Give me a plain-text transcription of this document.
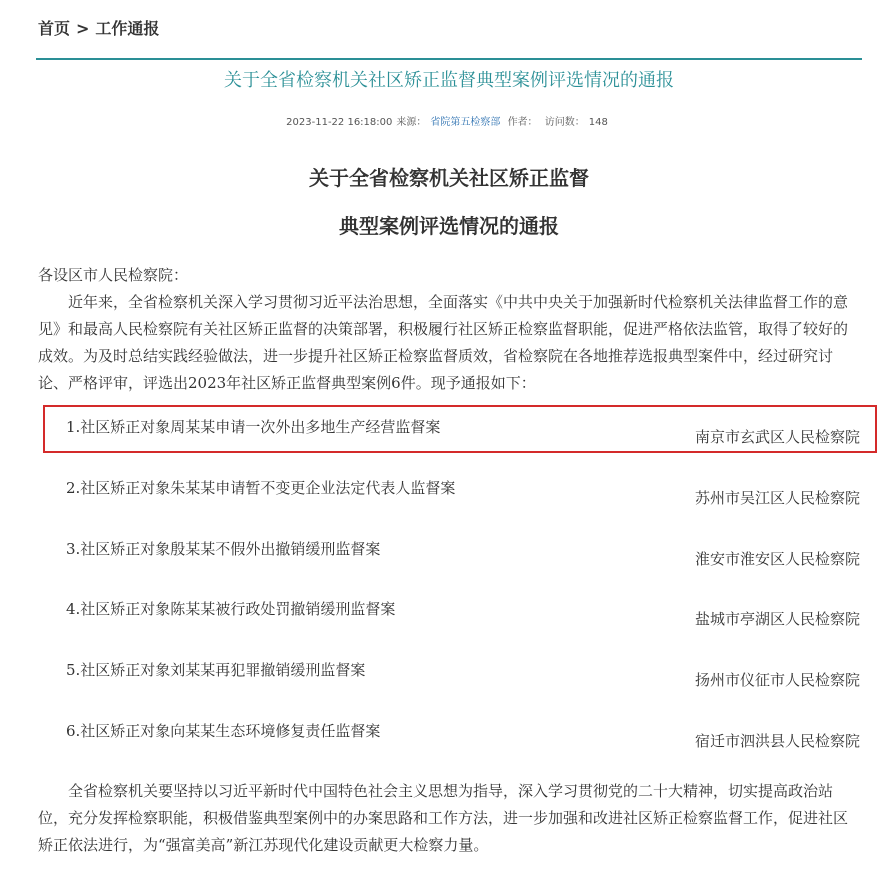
首页 > 工作通报
关于全省检察机关社区矫正监督典型案例评选情况的通报
2023-11-22 16:18:00 来源： 省院第五检察部 作者： 访问数： 148
关于全省检察机关社区矫正监督
典型案例评选情况的通报
各设区市人民检察院：
近年来，全省检察机关深入学习贯彻习近平法治思想，全面落实《中共中央关于加强新时代检察机关法律监督工作的意见》和最高人民检察院有关社区矫正监督的决策部署，积极履行社区矫正检察监督职能，促进严格依法监管，取得了较好的成效。为及时总结实践经验做法，进一步提升社区矫正检察监督质效，省检察院在各地推荐选报典型案件中，经过研究讨论、严格评审，评选出2023年社区矫正监督典型案例6件。现予通报如下：
1.社区矫正对象周某某申请一次外出多地生产经营监督案
南京市玄武区人民检察院
2.社区矫正对象朱某某申请暂不变更企业法定代表人监督案
苏州市吴江区人民检察院
3.社区矫正对象殷某某不假外出撤销缓刑监督案
淮安市淮安区人民检察院
4.社区矫正对象陈某某被行政处罚撤销缓刑监督案
盐城市亭湖区人民检察院
5.社区矫正对象刘某某再犯罪撤销缓刑监督案
扬州市仪征市人民检察院
6.社区矫正对象向某某生态环境修复责任监督案
宿迁市泗洪县人民检察院
全省检察机关要坚持以习近平新时代中国特色社会主义思想为指导，深入学习贯彻党的二十大精神，切实提高政治站位，充分发挥检察职能，积极借鉴典型案例中的办案思路和工作方法，进一步加强和改进社区矫正检察监督工作，促进社区矫正依法进行，为“强富美高”新江苏现代化建设贡献更大检察力量。
